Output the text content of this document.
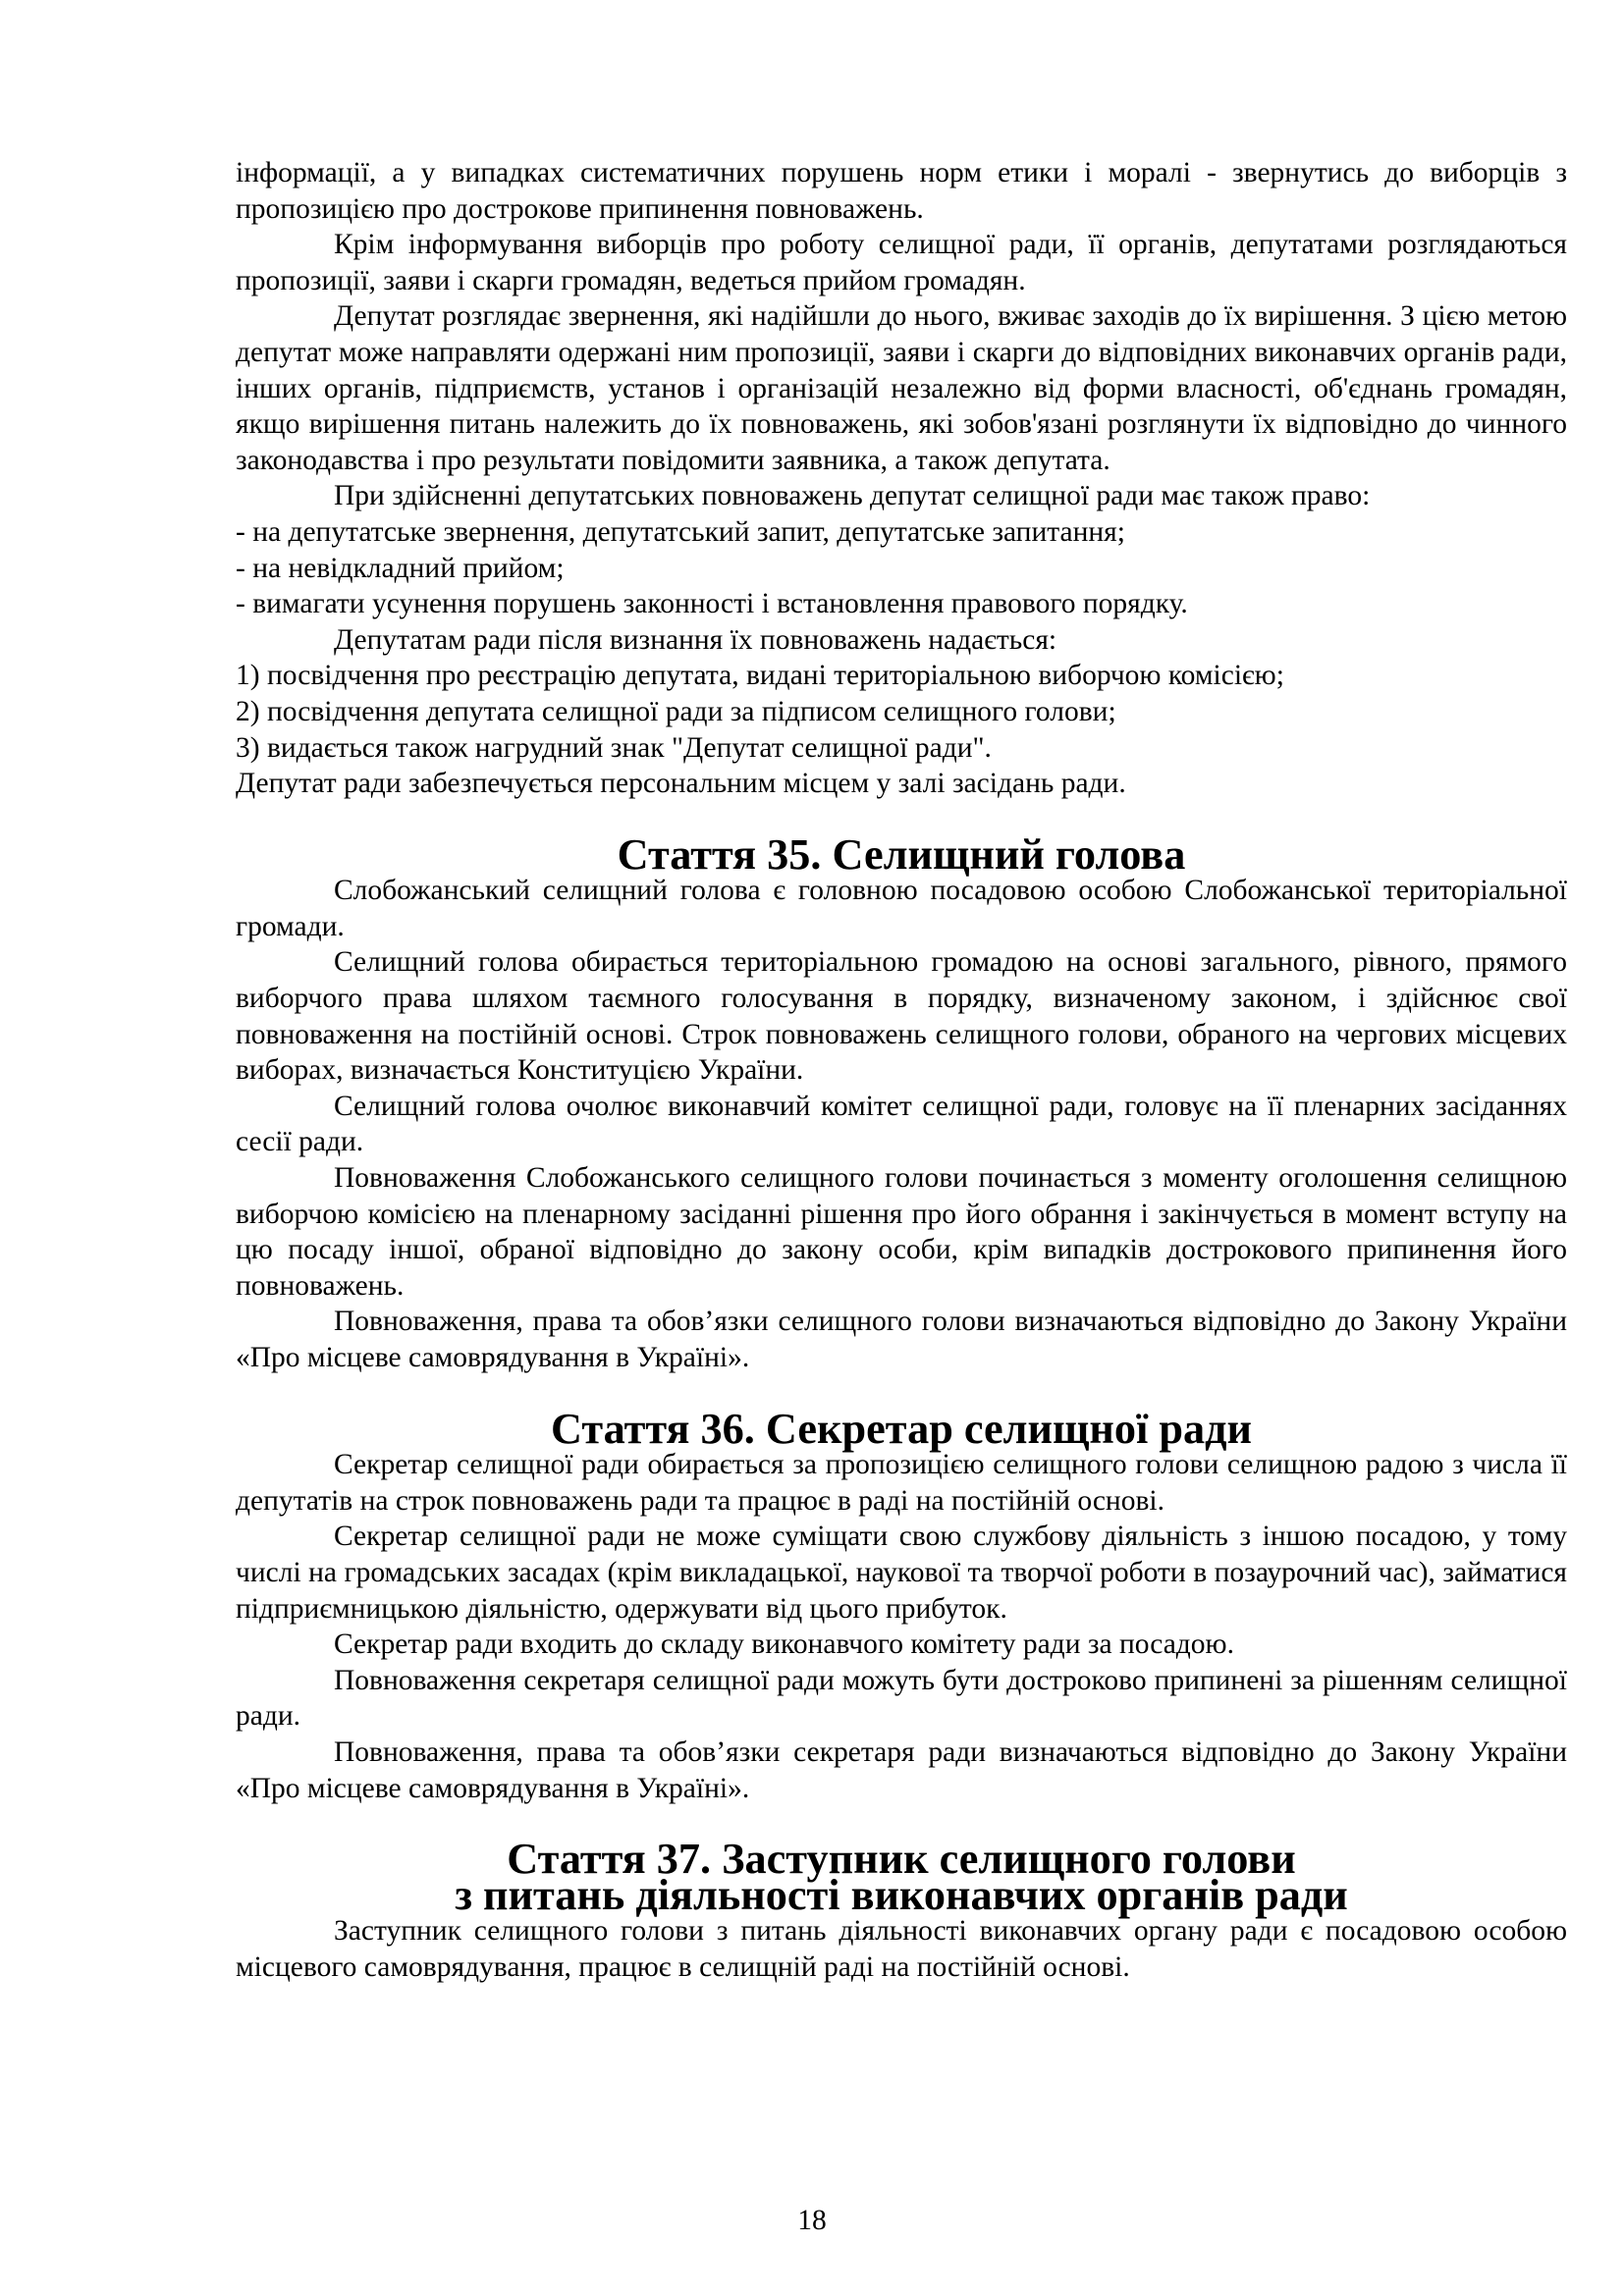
інформації, а у випадках систематичних порушень норм етики і моралі - звернутись до виборців з пропозицією про дострокове припинення повноважень.

Крім інформування виборців про роботу селищної ради, її органів, депутатами розглядаються пропозиції, заяви і скарги громадян, ведеться прийом громадян.

Депутат розглядає звернення, які надійшли до нього, вживає заходів до їх вирішення. З цією метою депутат може направляти одержані ним пропозиції, заяви і скарги до відповідних виконавчих органів ради, інших органів, підприємств, установ і організацій незалежно від форми власності, об'єднань громадян, якщо вирішення питань належить до їх повноважень, які зобов'язані розглянути їх відповідно до чинного законодавства і про результати повідомити заявника, а також депутата.

При здійсненні депутатських повноважень депутат селищної ради має також право:

- на депутатське звернення, депутатський запит, депутатське запитання;

- на невідкладний прийом;

- вимагати усунення порушень законності і встановлення правового порядку.

Депутатам ради після визнання їх повноважень надається:

1) посвідчення про реєстрацію депутата, видані територіальною виборчою комісією;

2) посвідчення депутата селищної ради за підписом селищного голови;

3) видається також нагрудний знак "Депутат селищної ради".

Депутат ради забезпечується персональним місцем у залі засідань ради.

Стаття 35. Селищний голова

Слобожанський селищний голова є головною посадовою особою Слобожанської територіальної громади.

Селищний голова обирається територіальною громадою на основі загального, рівного, прямого виборчого права шляхом таємного голосування в порядку, визначеному законом, і здійснює свої повноваження на постійній основі. Строк повноважень селищного голови, обраного на чергових місцевих виборах, визначається Конституцією України.

Селищний голова очолює виконавчий комітет селищної ради, головує на її пленарних засіданнях сесії ради.

Повноваження Слобожанського селищного голови починається з моменту оголошення селищною виборчою комісією на пленарному засіданні рішення про його обрання і закінчується в момент вступу на цю посаду іншої, обраної відповідно до закону особи, крім випадків дострокового припинення його повноважень.

Повноваження, права та обов’язки селищного голови визначаються відповідно до Закону України «Про місцеве самоврядування в Україні».

Стаття 36. Секретар селищної ради

Секретар селищної ради обирається за пропозицією селищного голови селищною радою з числа її депутатів на строк повноважень ради та працює в раді на постійній основі.

Секретар селищної ради не може суміщати свою службову діяльність з іншою посадою, у тому числі на громадських засадах (крім викладацької, наукової та творчої роботи в позаурочний час), займатися підприємницькою діяльністю, одержувати від цього прибуток.

Секретар ради входить до складу виконавчого комітету ради за посадою.

Повноваження секретаря селищної ради можуть бути достроково припинені за рішенням селищної ради.

Повноваження, права та обов’язки секретаря ради визначаються відповідно до Закону України «Про місцеве самоврядування в Україні».

Стаття 37. Заступник селищного голови
з питань діяльності виконавчих органів ради

Заступник селищного голови з питань діяльності виконавчих органу ради є посадовою особою місцевого самоврядування, працює в селищній раді на постійній основі.

18
